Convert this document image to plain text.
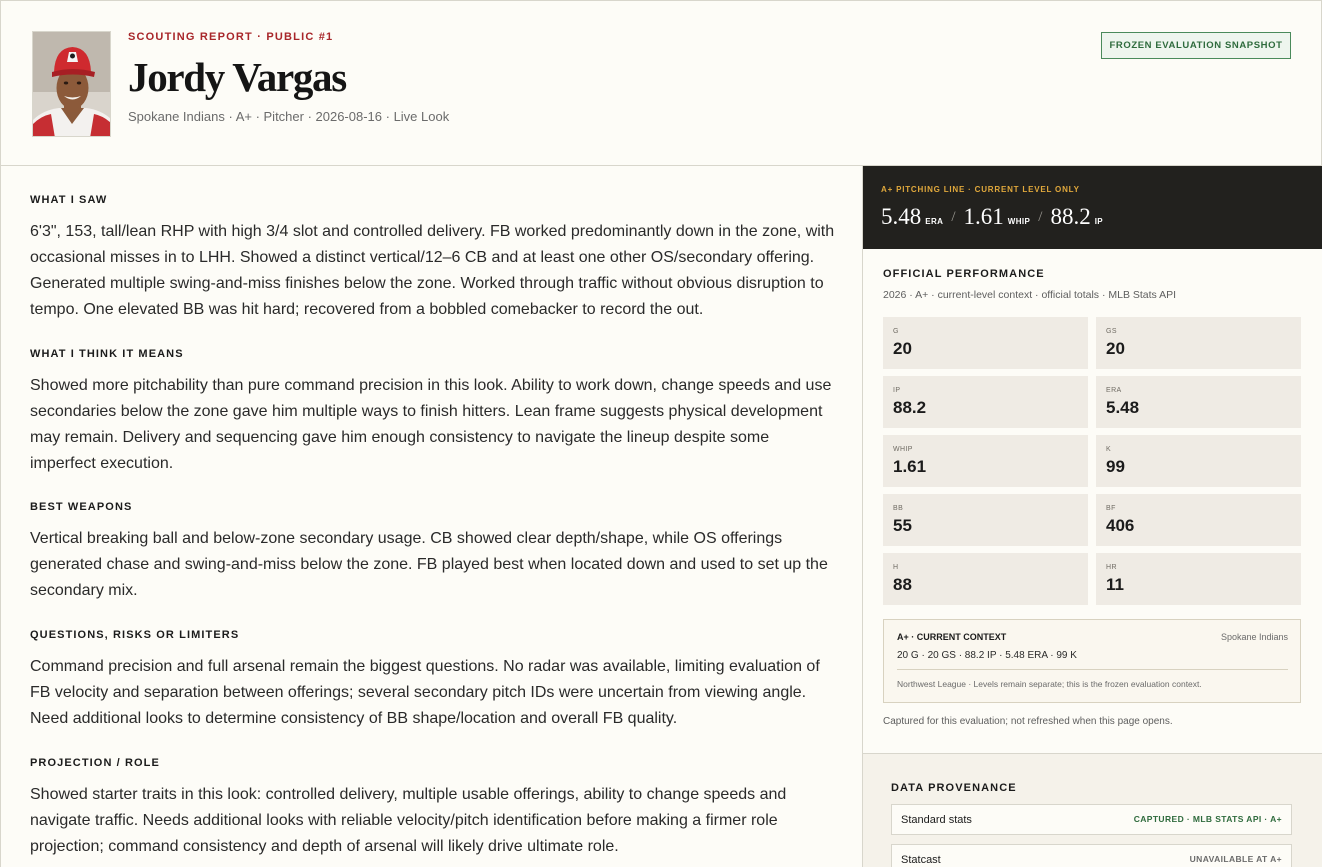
SCOUTING REPORT · PUBLIC #1
Jordy Vargas
Spokane Indians · A+ · Pitcher · 2026-08-16 · Live Look
FROZEN EVALUATION SNAPSHOT
WHAT I SAW

6'3", 153, tall/lean RHP with high 3/4 slot and controlled delivery. FB worked predominantly down in the zone, with occasional misses in to LHH. Showed a distinct vertical/12–6 CB and at least one other OS/secondary offering. Generated multiple swing-and-miss finishes below the zone. Worked through traffic without obvious disruption to tempo. One elevated BB was hit hard; recovered from a bobbled comebacker to record the out.

WHAT I THINK IT MEANS

Showed more pitchability than pure command precision in this look. Ability to work down, change speeds and use secondaries below the zone gave him multiple ways to finish hitters. Lean frame suggests physical development may remain. Delivery and sequencing gave him enough consistency to navigate the lineup despite some imperfect execution.

BEST WEAPONS

Vertical breaking ball and below-zone secondary usage. CB showed clear depth/shape, while OS offerings generated chase and swing-and-miss below the zone. FB played best when located down and used to set up the secondary mix.

QUESTIONS, RISKS OR LIMITERS

Command precision and full arsenal remain the biggest questions. No radar was available, limiting evaluation of FB velocity and separation between offerings; several secondary pitch IDs were uncertain from viewing angle. Need additional looks to determine consistency of BB shape/location and overall FB quality.

PROJECTION / ROLE

Showed starter traits in this look: controlled delivery, multiple usable offerings, ability to change speeds and navigate traffic. Needs additional looks with reliable velocity/pitch identification before making a firmer role projection; command consistency and depth of arsenal will likely drive ultimate role.

A+ PITCHING LINE · CURRENT LEVEL ONLY
5.48 ERA / 1.61 WHIP / 88.2 IP
OFFICIAL PERFORMANCE
2026 · A+ · current-level context · official totals · MLB Stats API
G
20
GS
20
IP
88.2
ERA
5.48
WHIP
1.61
K
99
BB
55
BF
406
H
88
HR
11
A+ · CURRENT CONTEXT	Spokane Indians
20 G · 20 GS · 88.2 IP · 5.48 ERA · 99 K
Northwest League · Levels remain separate; this is the frozen evaluation context.
Captured for this evaluation; not refreshed when this page opens.
DATA PROVENANCE
Standard stats	CAPTURED · MLB STATS API · A+
Statcast	UNAVAILABLE AT A+
